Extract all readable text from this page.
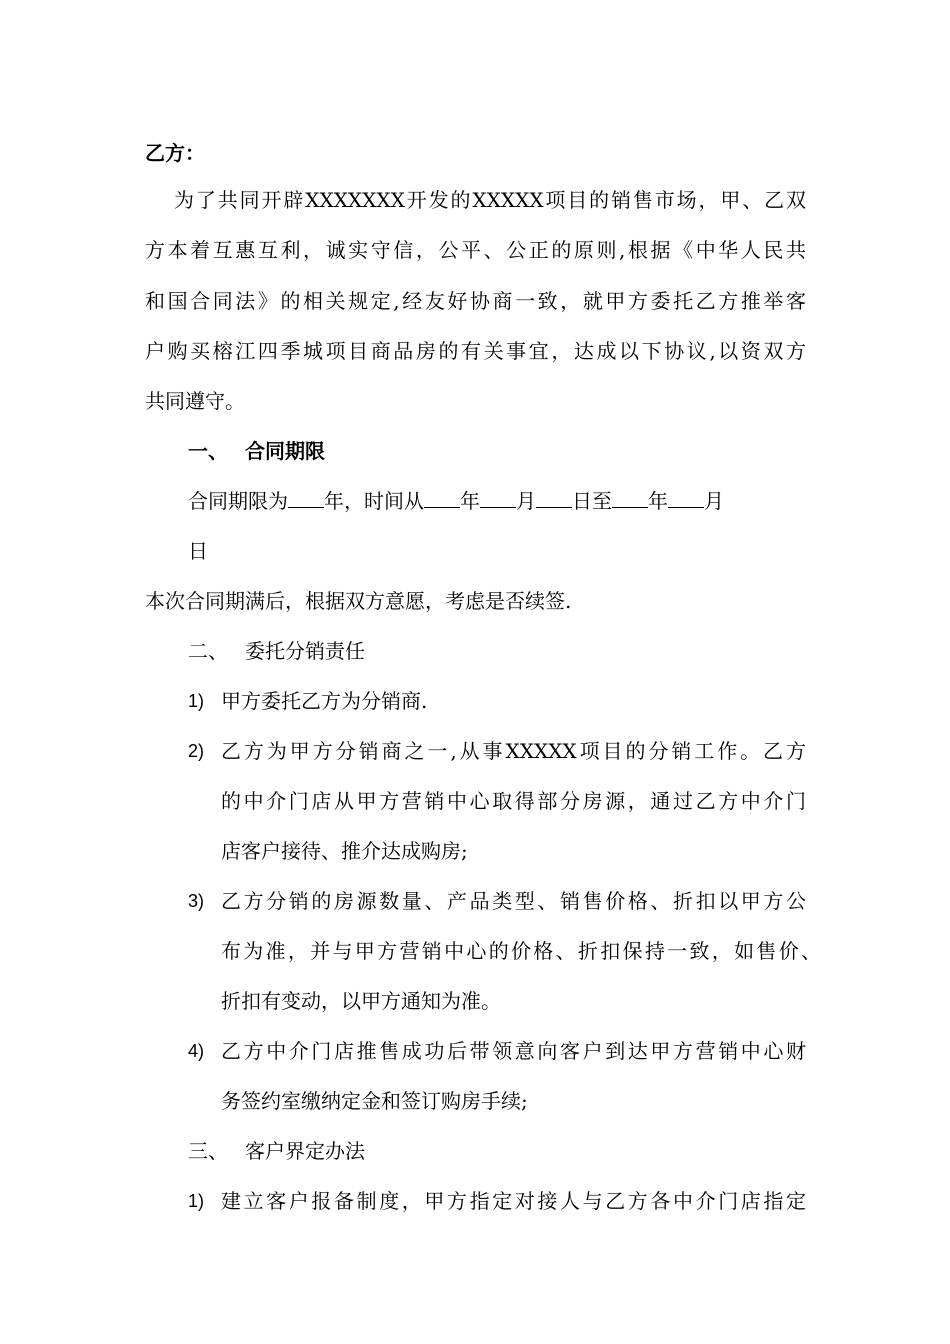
乙方：
为了共同开辟XXXXXXX开发的XXXXX项目的销售市场，甲、乙双
方本着互惠互利，诚实守信，公平、公正的原则,根据《中华人民共
和国合同法》的相关规定,经友好协商一致，就甲方委托乙方推举客
户购买榕江四季城项目商品房的有关事宜，达成以下协议,以资双方
共同遵守。
一、 合同期限
合同期限为 年，时间从 年 月 日至 年 月
日
本次合同期满后，根据双方意愿，考虑是否续签.
二、 委托分销责任
1) 甲方委托乙方为分销商.
2) 乙方为甲方分销商之一,从事XXXXX项目的分销工作。乙方
的中介门店从甲方营销中心取得部分房源，通过乙方中介门
店客户接待、推介达成购房;
3) 乙方分销的房源数量、产品类型、销售价格、折扣以甲方公
布为准，并与甲方营销中心的价格、折扣保持一致，如售价、
折扣有变动，以甲方通知为准。
4) 乙方中介门店推售成功后带领意向客户到达甲方营销中心财
务签约室缴纳定金和签订购房手续;
三、 客户界定办法
1) 建立客户报备制度，甲方指定对接人与乙方各中介门店指定
